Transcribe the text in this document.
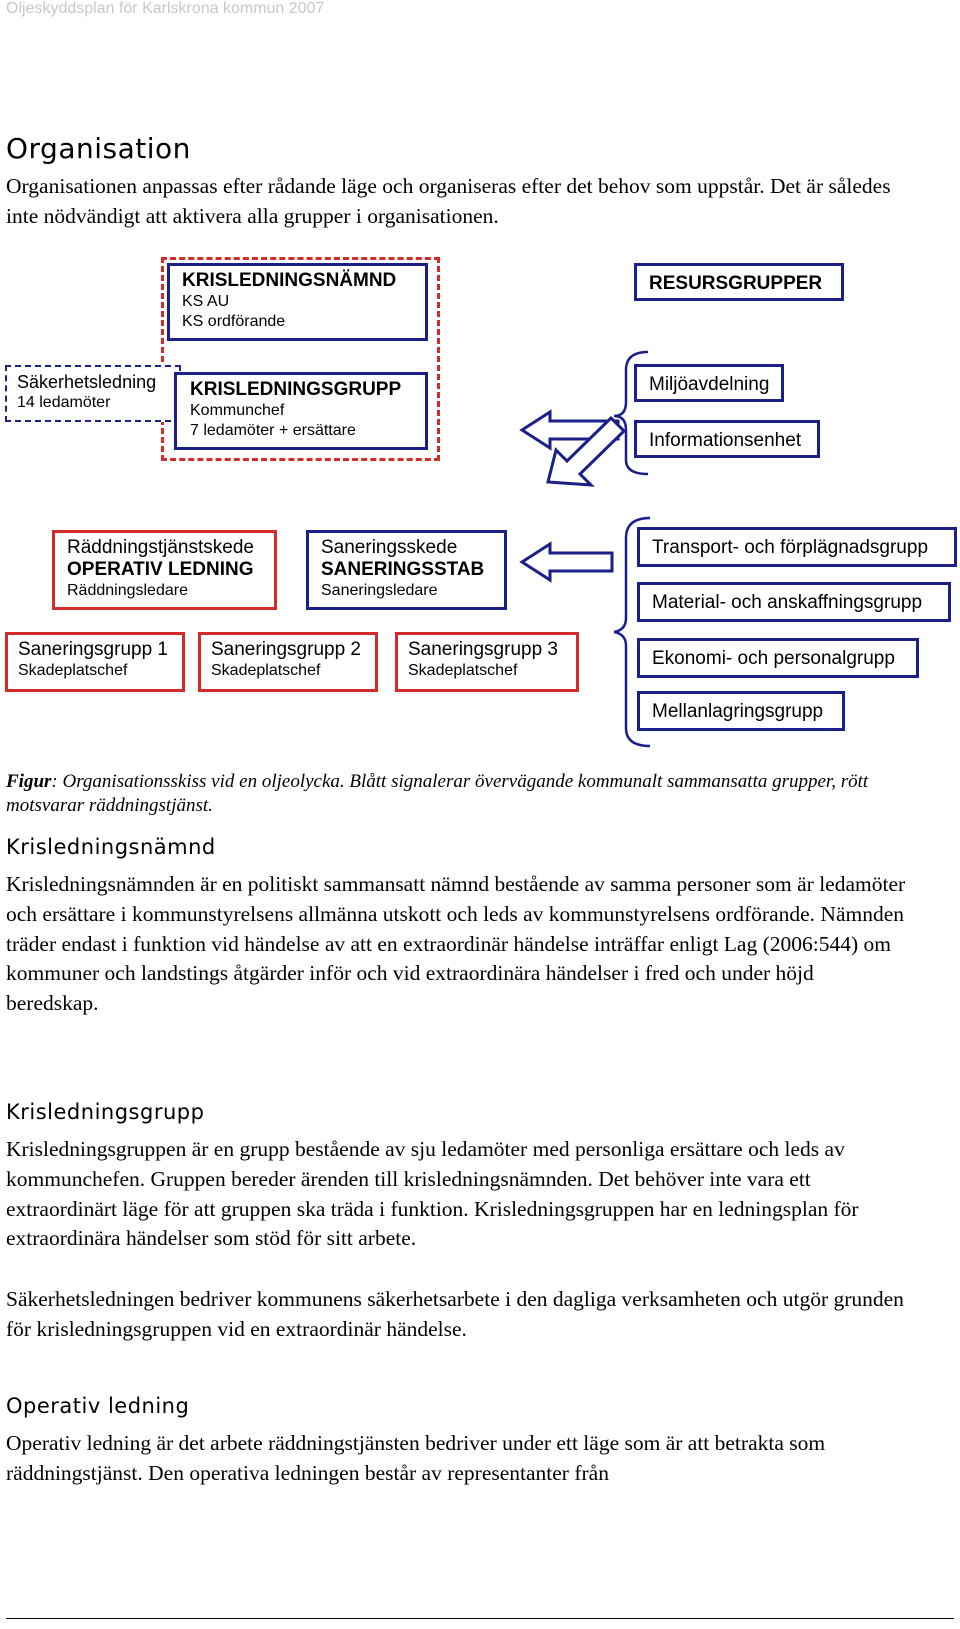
Oljeskyddsplan för Karlskrona kommun 2007
Organisation

Organisationen anpassas efter rådande läge och organiseras efter det behov som uppstår. Det är således inte nödvändigt att aktivera alla grupper i organisationen.

KRISLEDNINGSNÄMND
KS AU
KS ordförande
RESURSGRUPPER
Säkerhetsledning
14 ledamöter
KRISLEDNINGSGRUPP
Kommunchef
7 ledamöter + ersättare
Miljöavdelning
Informationsenhet
Räddningstjänstskede
OPERATIV LEDNING
Räddningsledare
Saneringsskede
SANERINGSSTAB
Saneringsledare
Transport- och förplägnadsgrupp
Material- och anskaffningsgrupp
Ekonomi- och personalgrupp
Mellanlagringsgrupp
Saneringsgrupp 1
Skadeplatschef
Saneringsgrupp 2
Skadeplatschef
Saneringsgrupp 3
Skadeplatschef
Figur: Organisationsskiss vid en oljeolycka. Blått signalerar övervägande kommunalt sammansatta grupper, rött motsvarar räddningstjänst.
Krisledningsnämnd

Krisledningsnämnden är en politiskt sammansatt nämnd bestående av samma personer som är ledamöter och ersättare i kommunstyrelsens allmänna utskott och leds av kommunstyrelsens ordförande. Nämnden träder endast i funktion vid händelse av att en extraordinär händelse inträffar enligt Lag (2006:544) om kommuner och landstings åtgärder inför och vid extraordinära händelser i fred och under höjd beredskap.

Krisledningsgrupp

Krisledningsgruppen är en grupp bestående av sju ledamöter med personliga ersättare och leds av kommunchefen. Gruppen bereder ärenden till krisledningsnämnden. Det behöver inte vara ett extraordinärt läge för att gruppen ska träda i funktion. Krisledningsgruppen har en ledningsplan för extraordinära händelser som stöd för sitt arbete.

Säkerhetsledningen bedriver kommunens säkerhetsarbete i den dagliga verksamheten och utgör grunden för krisledningsgruppen vid en extraordinär händelse.

Operativ ledning

Operativ ledning är det arbete räddningstjänsten bedriver under ett läge som är att betrakta som räddningstjänst. Den operativa ledningen består av representanter från
